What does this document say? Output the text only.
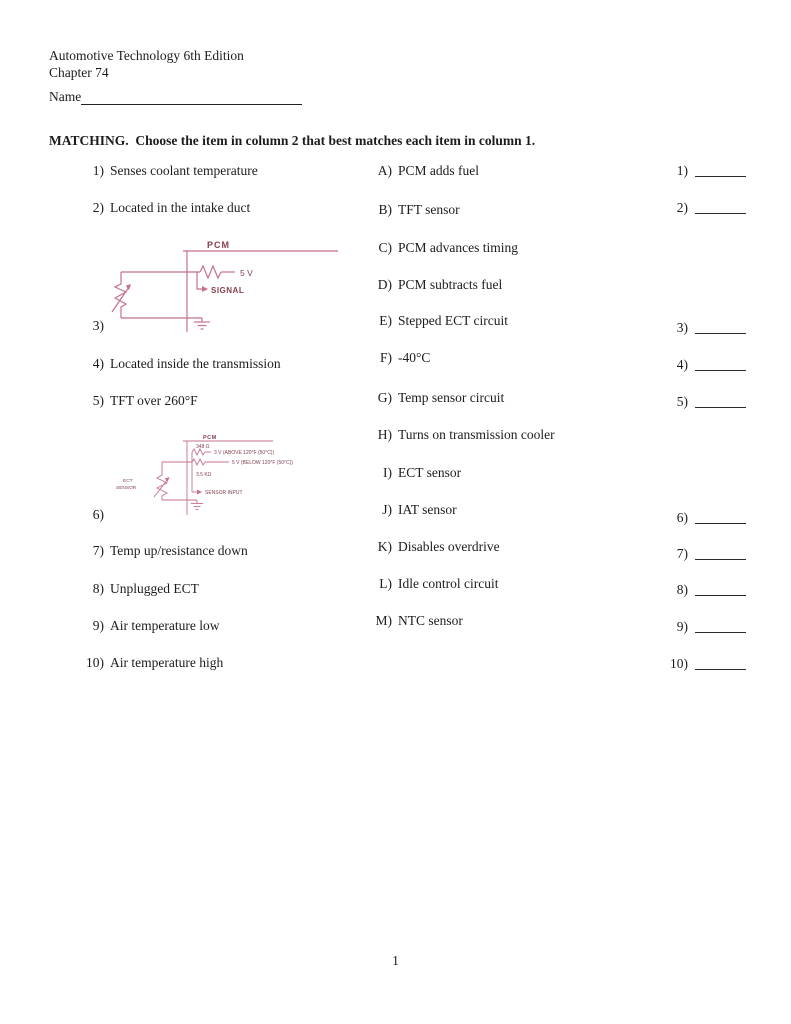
Automotive Technology 6th Edition
Chapter 74
Name
MATCHING.  Choose the item in column 2 that best matches each item in column 1.
1) Senses coolant temperature
2) Located in the intake duct
3)
4) Located inside the transmission
5) TFT over 260°F
6)
7) Temp up/resistance down
8) Unplugged ECT
9) Air temperature low
10) Air temperature high
PCM
5 V
SIGNAL
PCM
348 Ω
3 V (ABOVE 120°F (50°C))
5 V (BELOW 120°F (50°C))
3.5 KΩ
SENSOR INPUT
ECT
SENSOR
A) PCM adds fuel
B) TFT sensor
C) PCM advances timing
D) PCM subtracts fuel
E) Stepped ECT circuit
F) -40°C
G) Temp sensor circuit
H) Turns on transmission cooler
I) ECT sensor
J) IAT sensor
K) Disables overdrive
L) Idle control circuit
M) NTC sensor
1)
2)
3)
4)
5)
6)
7)
8)
9)
10)
1
